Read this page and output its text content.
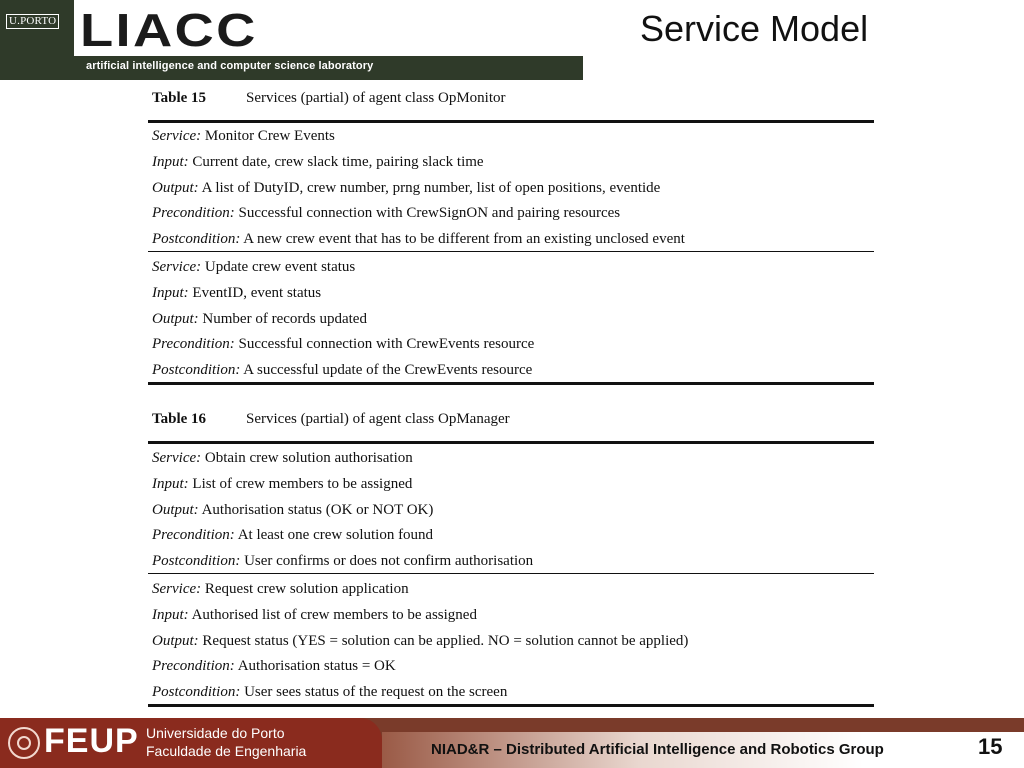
U.PORTO LIACC
artificial intelligence and computer science laboratory
Service Model
Table 15	Services (partial) of agent class OpMonitor
Service: Monitor Crew Events
Input: Current date, crew slack time, pairing slack time
Output: A list of DutyID, crew number, prng number, list of open positions, eventide
Precondition: Successful connection with CrewSignON and pairing resources
Postcondition: A new crew event that has to be different from an existing unclosed event
Service: Update crew event status
Input: EventID, event status
Output: Number of records updated
Precondition: Successful connection with CrewEvents resource
Postcondition: A successful update of the CrewEvents resource
Table 16	Services (partial) of agent class OpManager
Service: Obtain crew solution authorisation
Input: List of crew members to be assigned
Output: Authorisation status (OK or NOT OK)
Precondition: At least one crew solution found
Postcondition: User confirms or does not confirm authorisation
Service: Request crew solution application
Input: Authorised list of crew members to be assigned
Output: Request status (YES = solution can be applied. NO = solution cannot be applied)
Precondition: Authorisation status = OK
Postcondition: User sees status of the request on the screen
FEUP Universidade do Porto
Faculdade de Engenharia	NIAD&R – Distributed Artificial Intelligence and Robotics Group	15
